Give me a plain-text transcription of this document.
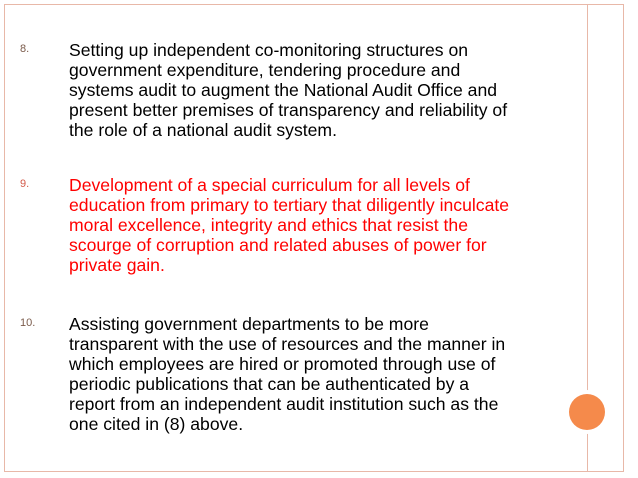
8. Setting up independent co-monitoring structures on
government expenditure, tendering procedure and
systems audit to augment the National Audit Office and
present better premises of transparency and reliability of
the role of a national audit system.
9. Development of a special curriculum for all levels of
education from primary to tertiary that diligently inculcate
moral excellence, integrity and ethics that resist the
scourge of corruption and related abuses of power for
private gain.
10. Assisting government departments to be more
transparent with the use of resources and the manner in
which employees are hired or promoted through use of
periodic publications that can be authenticated by a
report from an independent audit institution such as the
one cited in (8) above.
